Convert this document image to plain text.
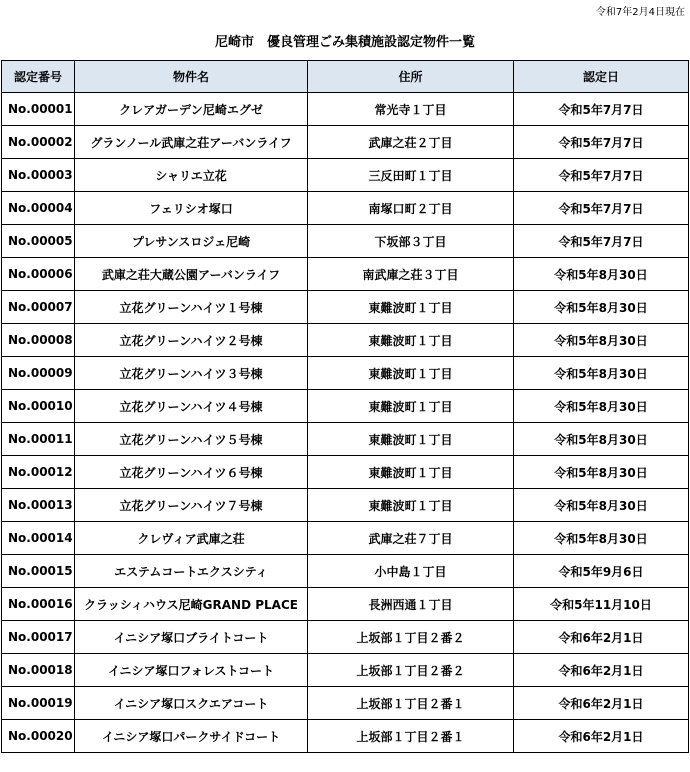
令和7年2月4日現在
尼崎市　優良管理ごみ集積施設認定物件一覧
認定番号	物件名	住所	認定日
No.00001	クレアガーデン尼崎エグゼ	常光寺１丁目	令和5年7月7日
No.00002	グランノール武庫之荘アーバンライフ	武庫之荘２丁目	令和5年7月7日
No.00003	シャリエ立花	三反田町１丁目	令和5年7月7日
No.00004	フェリシオ塚口	南塚口町２丁目	令和5年7月7日
No.00005	プレサンスロジェ尼崎	下坂部３丁目	令和5年7月7日
No.00006	武庫之荘大蔵公園アーバンライフ	南武庫之荘３丁目	令和5年8月30日
No.00007	立花グリーンハイツ１号棟	東難波町１丁目	令和5年8月30日
No.00008	立花グリーンハイツ２号棟	東難波町１丁目	令和5年8月30日
No.00009	立花グリーンハイツ３号棟	東難波町１丁目	令和5年8月30日
No.00010	立花グリーンハイツ４号棟	東難波町１丁目	令和5年8月30日
No.00011	立花グリーンハイツ５号棟	東難波町１丁目	令和5年8月30日
No.00012	立花グリーンハイツ６号棟	東難波町１丁目	令和5年8月30日
No.00013	立花グリーンハイツ７号棟	東難波町１丁目	令和5年8月30日
No.00014	クレヴィア武庫之荘	武庫之荘７丁目	令和5年8月30日
No.00015	エステムコートエクスシティ	小中島１丁目	令和5年9月6日
No.00016	クラッシィハウス尼崎GRAND PLACE	長洲西通１丁目	令和5年11月10日
No.00017	イニシア塚口ブライトコート	上坂部１丁目２番２	令和6年2月1日
No.00018	イニシア塚口フォレストコート	上坂部１丁目２番２	令和6年2月1日
No.00019	イニシア塚口スクエアコート	上坂部１丁目２番１	令和6年2月1日
No.00020	イニシア塚口パークサイドコート	上坂部１丁目２番１	令和6年2月1日
